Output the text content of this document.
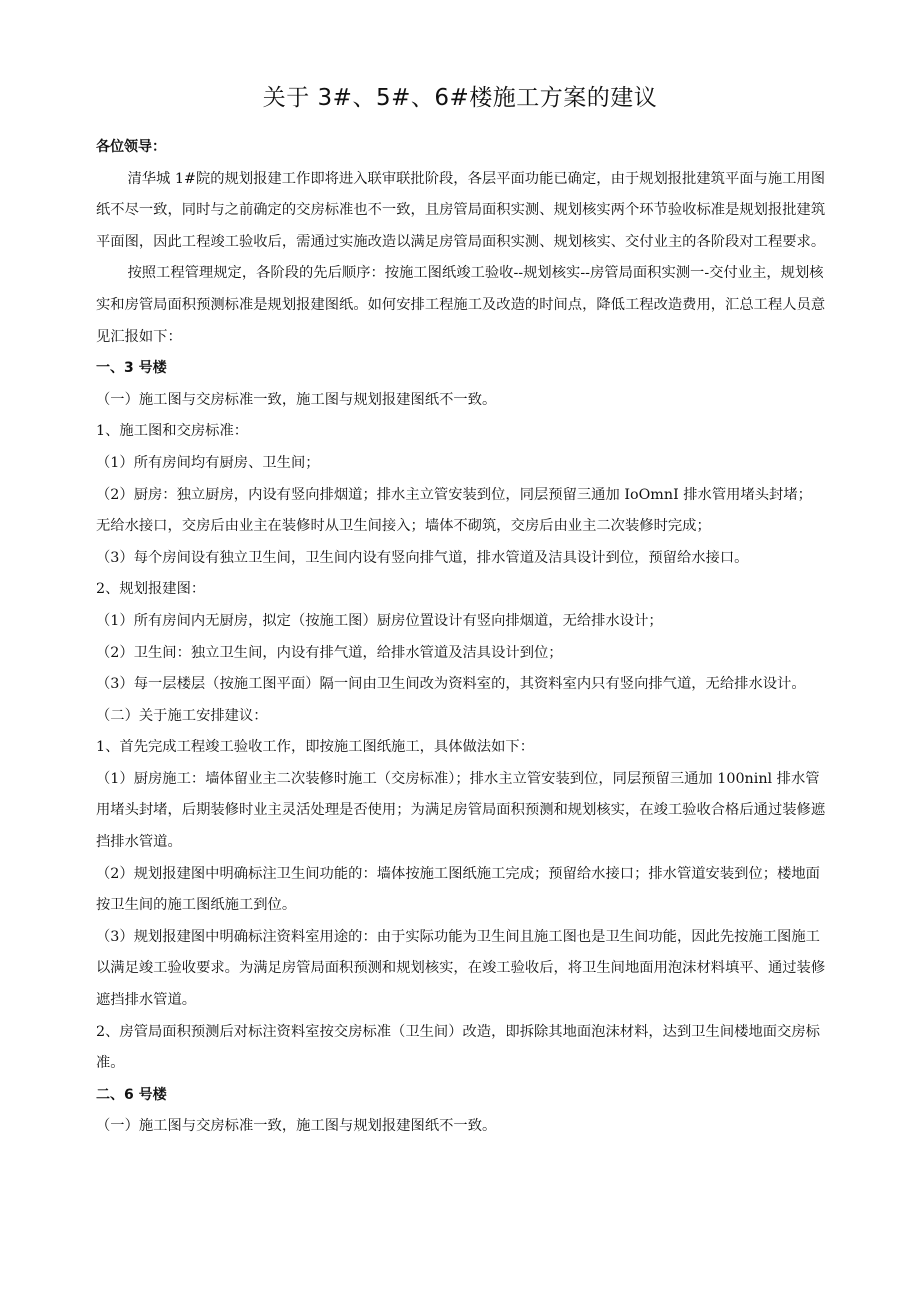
关于 3#、5#、6#楼施工方案的建议

各位领导：

清华城 1#院的规划报建工作即将进入联审联批阶段，各层平面功能已确定，由于规划报批建筑平面与施工用图纸不尽一致，同时与之前确定的交房标准也不一致，且房管局面积实测、规划核实两个环节验收标准是规划报批建筑平面图，因此工程竣工验收后，需通过实施改造以满足房管局面积实测、规划核实、交付业主的各阶段对工程要求。

按照工程管理规定，各阶段的先后顺序：按施工图纸竣工验收--规划核实--房管局面积实测一-交付业主，规划核实和房管局面积预测标准是规划报建图纸。如何安排工程施工及改造的时间点，降低工程改造费用，汇总工程人员意见汇报如下：

一、3 号楼

（一）施工图与交房标准一致，施工图与规划报建图纸不一致。

1、施工图和交房标准：

（1）所有房间均有厨房、卫生间；

（2）厨房：独立厨房，内设有竖向排烟道；排水主立管安装到位，同层预留三通加 IoOmnI 排水管用堵头封堵；无给水接口，交房后由业主在装修时从卫生间接入；墙体不砌筑，交房后由业主二次装修时完成；

（3）每个房间设有独立卫生间，卫生间内设有竖向排气道，排水管道及洁具设计到位，预留给水接口。

2、规划报建图：

（1）所有房间内无厨房，拟定（按施工图）厨房位置设计有竖向排烟道，无给排水设计；

（2）卫生间：独立卫生间，内设有排气道，给排水管道及洁具设计到位；

（3）每一层楼层（按施工图平面）隔一间由卫生间改为资料室的，其资料室内只有竖向排气道，无给排水设计。

（二）关于施工安排建议：

1、首先完成工程竣工验收工作，即按施工图纸施工，具体做法如下：

（1）厨房施工：墙体留业主二次装修时施工（交房标准）；排水主立管安装到位，同层预留三通加 100ninl 排水管用堵头封堵，后期装修时业主灵活处理是否使用；为满足房管局面积预测和规划核实，在竣工验收合格后通过装修遮挡排水管道。

（2）规划报建图中明确标注卫生间功能的：墙体按施工图纸施工完成；预留给水接口；排水管道安装到位；楼地面按卫生间的施工图纸施工到位。

（3）规划报建图中明确标注资料室用途的：由于实际功能为卫生间且施工图也是卫生间功能，因此先按施工图施工以满足竣工验收要求。为满足房管局面积预测和规划核实，在竣工验收后，将卫生间地面用泡沫材料填平、通过装修遮挡排水管道。

2、房管局面积预测后对标注资料室按交房标准（卫生间）改造，即拆除其地面泡沫材料，达到卫生间楼地面交房标准。

二、6 号楼

（一）施工图与交房标准一致，施工图与规划报建图纸不一致。
